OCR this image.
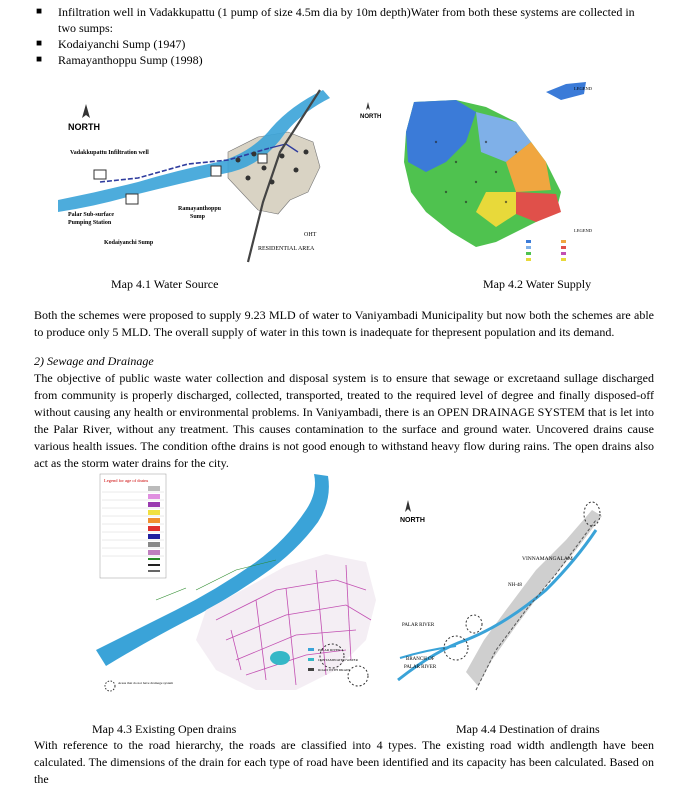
■	Infiltration well in Vadakkupattu (1 pump of size 4.5m dia by 10m depth)Water from both these systems are collected in two sumps:
■	Kodaiyanchi Sump (1947)
■	Ramayanthoppu Sump (1998)
NORTH
Vadakkupattu Infiltration well
Palar Sub-surface
Pumping Station
Kodaiyanchi Sump
Ramayanthoppu
Sump
OHT
RESIDENTIAL AREA
NORTH
LEGEND
LEGEND
Map 4.1 Water Source	Map 4.2 Water Supply
Both the schemes were proposed to supply 9.23 MLD of water to Vaniyambadi Municipality but now both the schemes are able to produce only 5 MLD. The overall supply of water in this town is inadequate for thepresent population and its demand.
2) Sewage and Drainage
The objective of public waste water collection and disposal system is to ensure that sewage or excretaand sullage discharged from community is properly discharged, collected, transported, treated to the required level of degree and finally disposed-off without causing any health or environmental problems. In Vaniyambadi, there is an OPEN DRAINAGE SYSTEM that is let into the Palar River, without any treatment. This causes contamination to the surface and ground water. Uncovered drains cause various health issues. The condition ofthe drains is not good enough to withstand heavy flow during rains. The open drains also act as the storm water drains for the city.
Legend for age of drains
PALAR RIVER
CONTAMINATED WATER
ROAD WITH DRAIN
Areas that do not have drainage system
NORTH
VINNAMANGALAM
NH-48
PALAR RIVER
BRANCH OF
PALAR RIVER
Map 4.3 Existing Open drains	Map 4.4 Destination of drains
With reference to the road hierarchy, the roads are classified into 4 types. The existing road width andlength have been calculated. The dimensions of the drain for each type of road have been identified and its capacity has been calculated. Based on the
